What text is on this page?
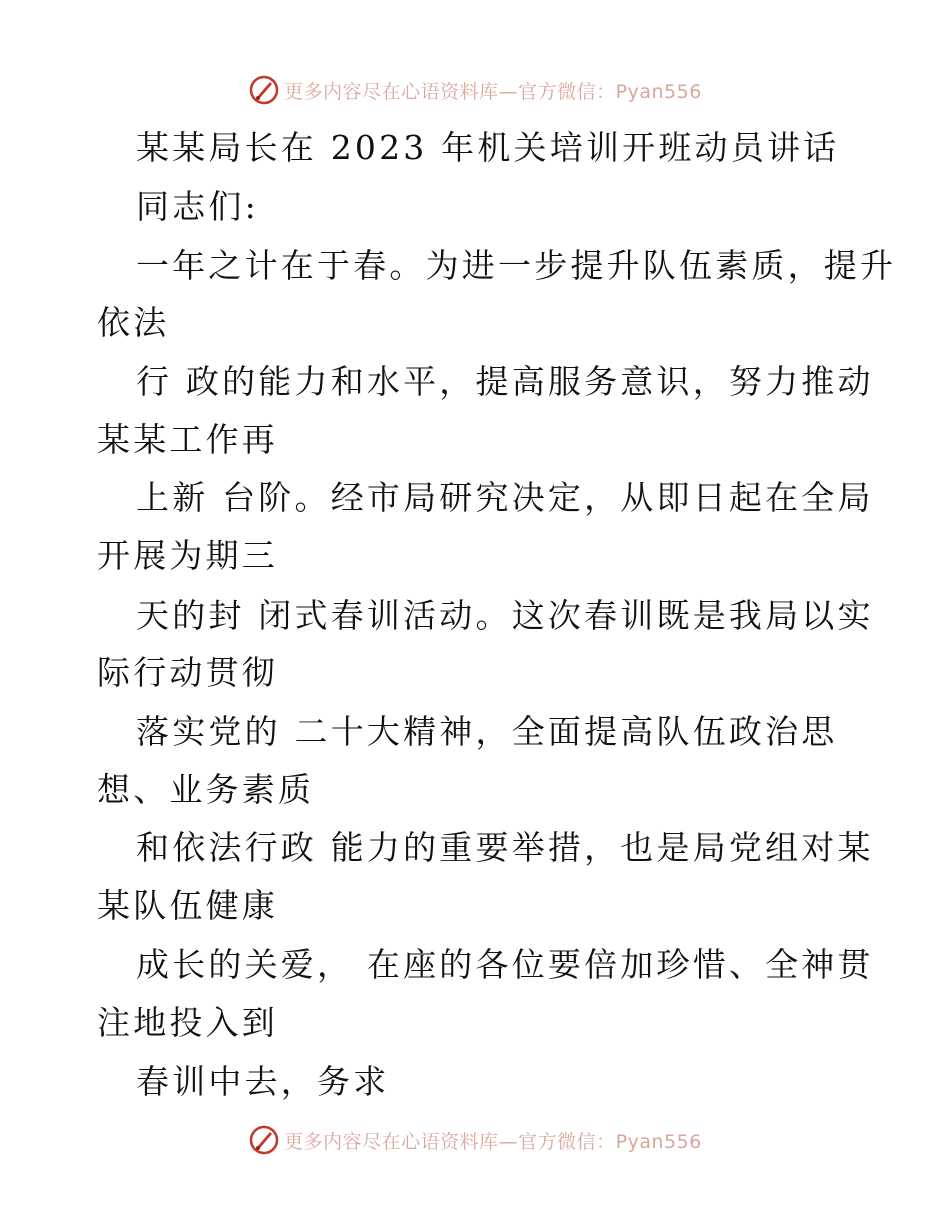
更多内容尽在心语资料库—官方微信：Pyan556
某某局长在 2023 年机关培训开班动员讲话
同志们:
一年之计在于春。为进一步提升队伍素质，提升
依法
行 政的能力和水平，提高服务意识，努力推动
某某工作再
上新 台阶。经市局研究决定，从即日起在全局
开展为期三
天的封 闭式春训活动。这次春训既是我局以实
际行动贯彻
落实党的 二十大精神，全面提高队伍政治思
想、业务素质
和依法行政 能力的重要举措，也是局党组对某
某队伍健康
成长的关爱， 在座的各位要倍加珍惜、全神贯
注地投入到
春训中去，务求
更多内容尽在心语资料库—官方微信：Pyan556
